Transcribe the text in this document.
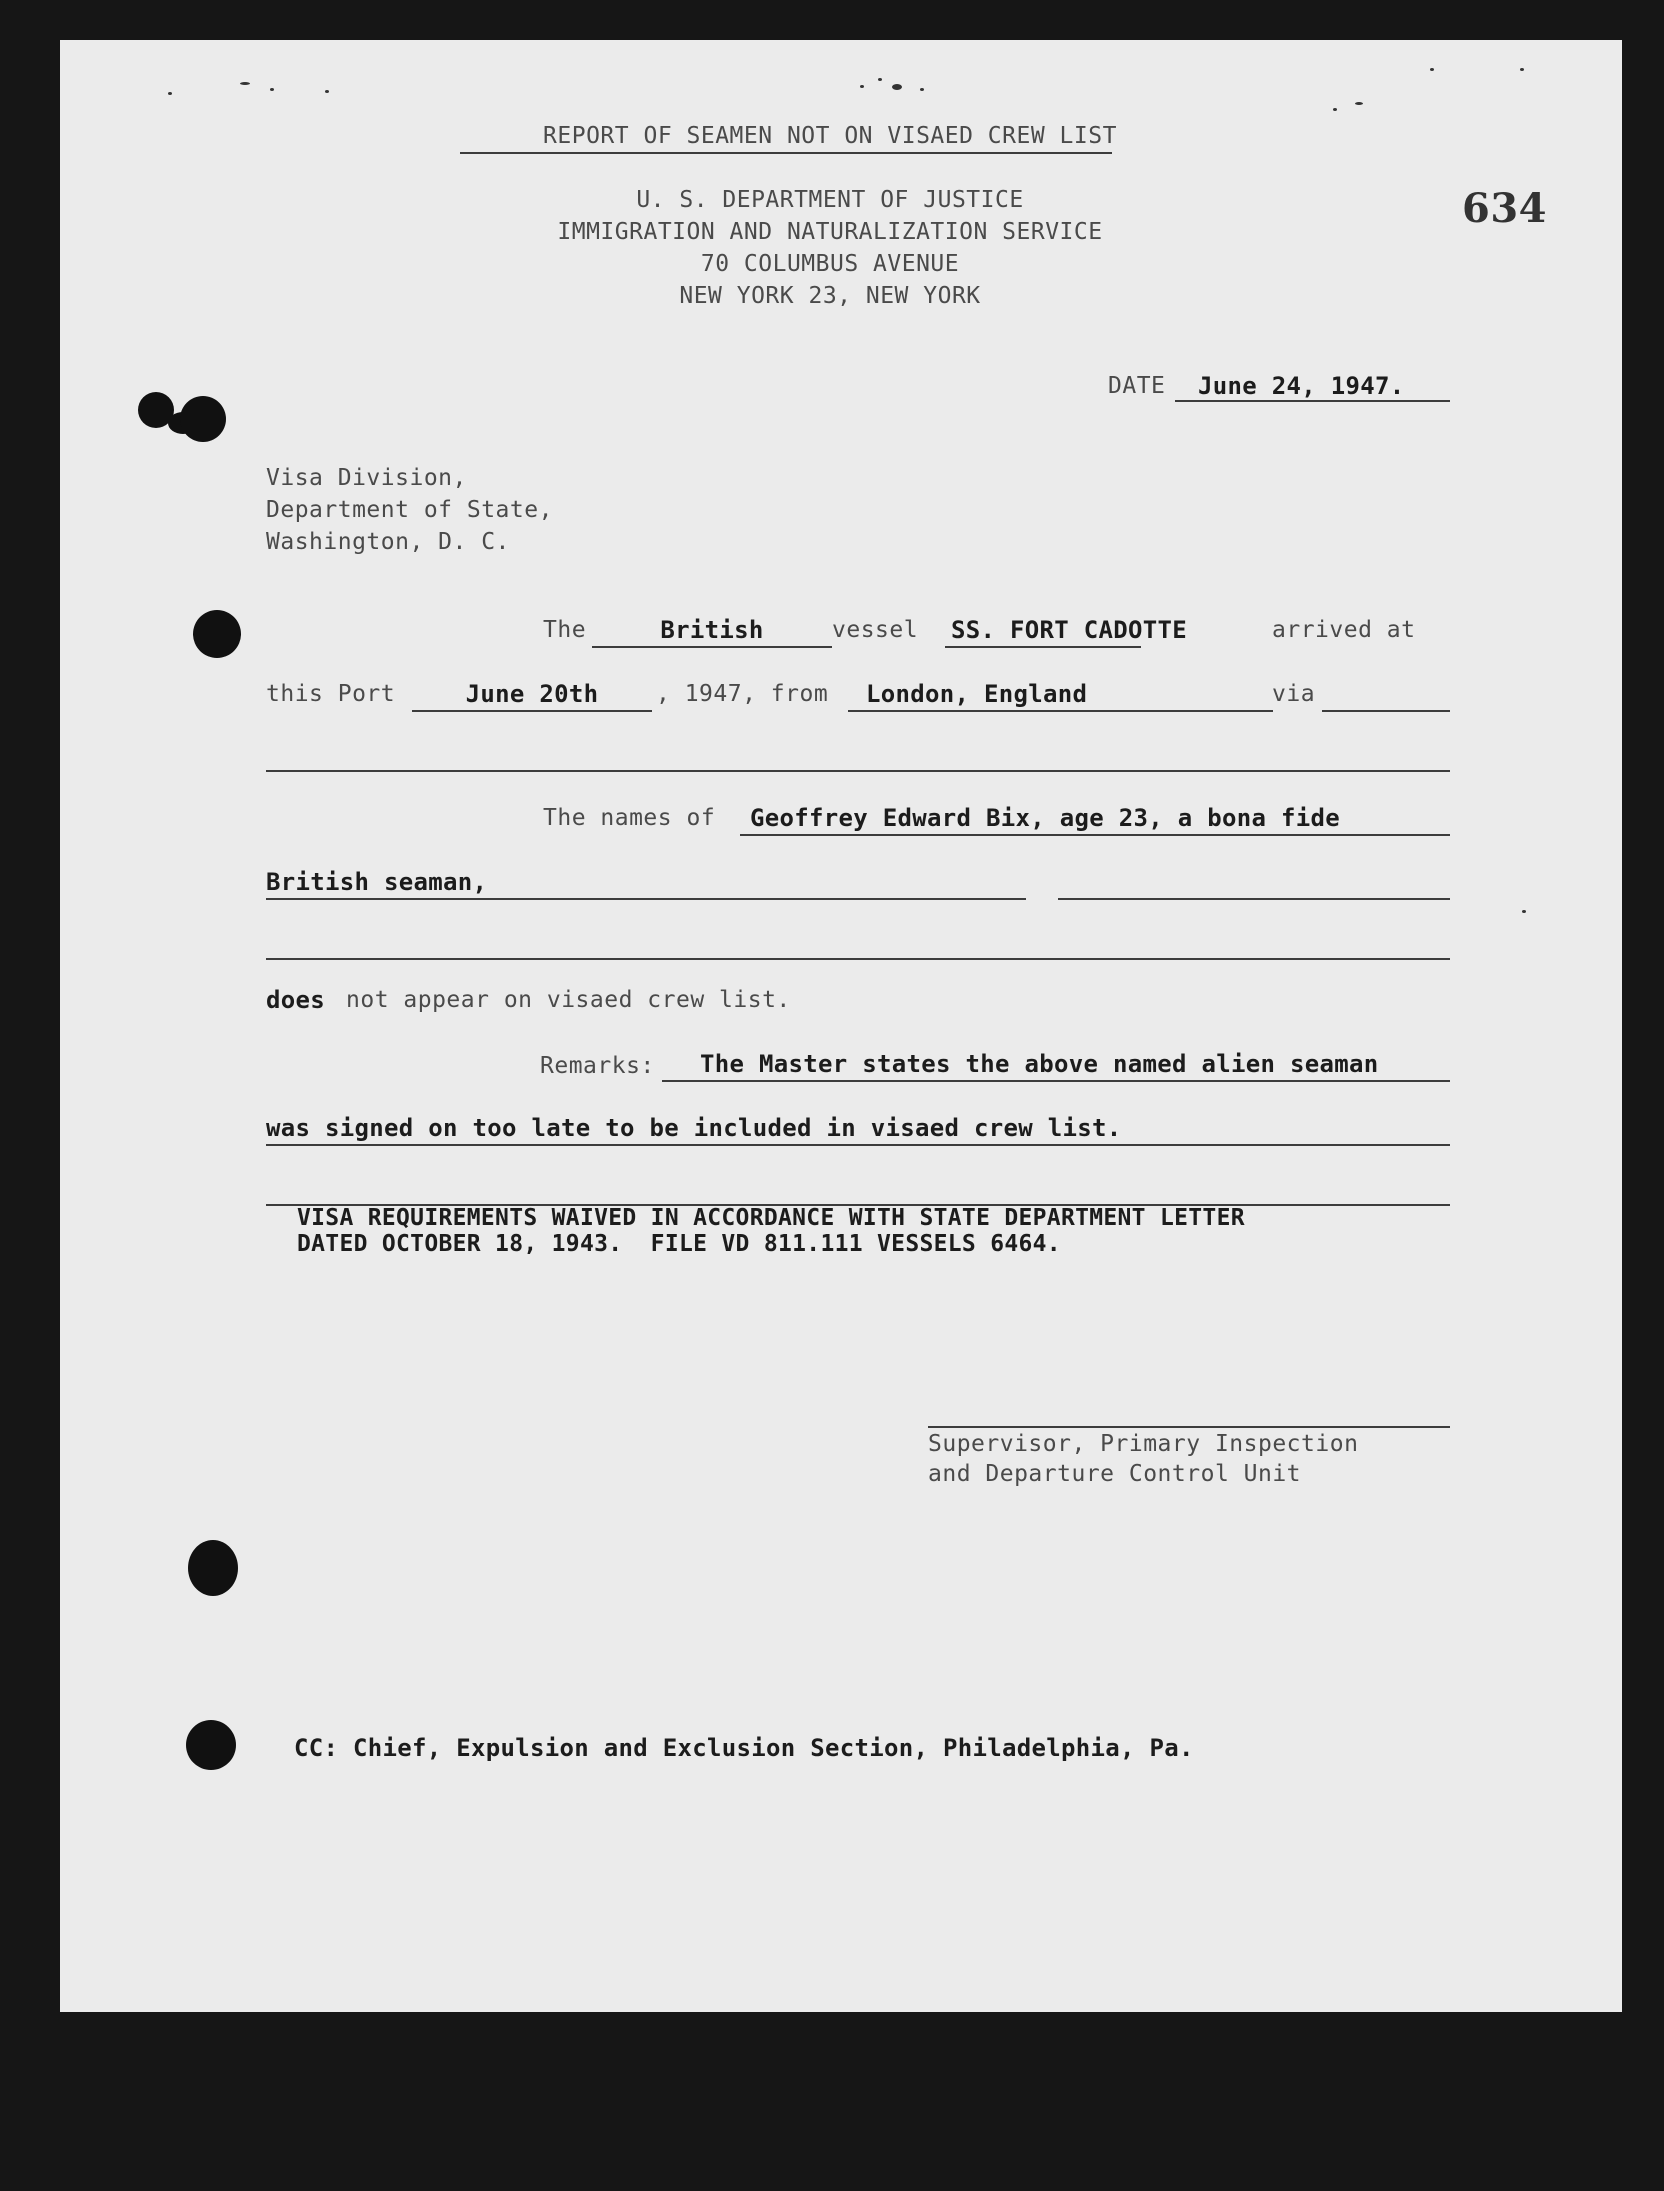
REPORT OF SEAMEN NOT ON VISAED CREW LIST
U. S. DEPARTMENT OF JUSTICE
IMMIGRATION AND NATURALIZATION SERVICE
70 COLUMBUS AVENUE
NEW YORK 23, NEW YORK
634
DATE June 24, 1947.
Visa Division,
Department of State,
Washington, D. C.
The	British	vessel SS. FORT CADOTTE	arrived at
this Port	June 20th	, 1947, from London, England	via
The names of Geoffrey Edward Bix, age 23, a bona fide
British seaman,
does not appear on visaed crew list.
Remarks: The Master states the above named alien seaman
was signed on too late to be included in visaed crew list.
VISA REQUIREMENTS WAIVED IN ACCORDANCE WITH STATE DEPARTMENT LETTER
DATED OCTOBER 18, 1943.  FILE VD 811.111 VESSELS 6464.
Supervisor, Primary Inspection
and Departure Control Unit
CC: Chief, Expulsion and Exclusion Section, Philadelphia, Pa.
